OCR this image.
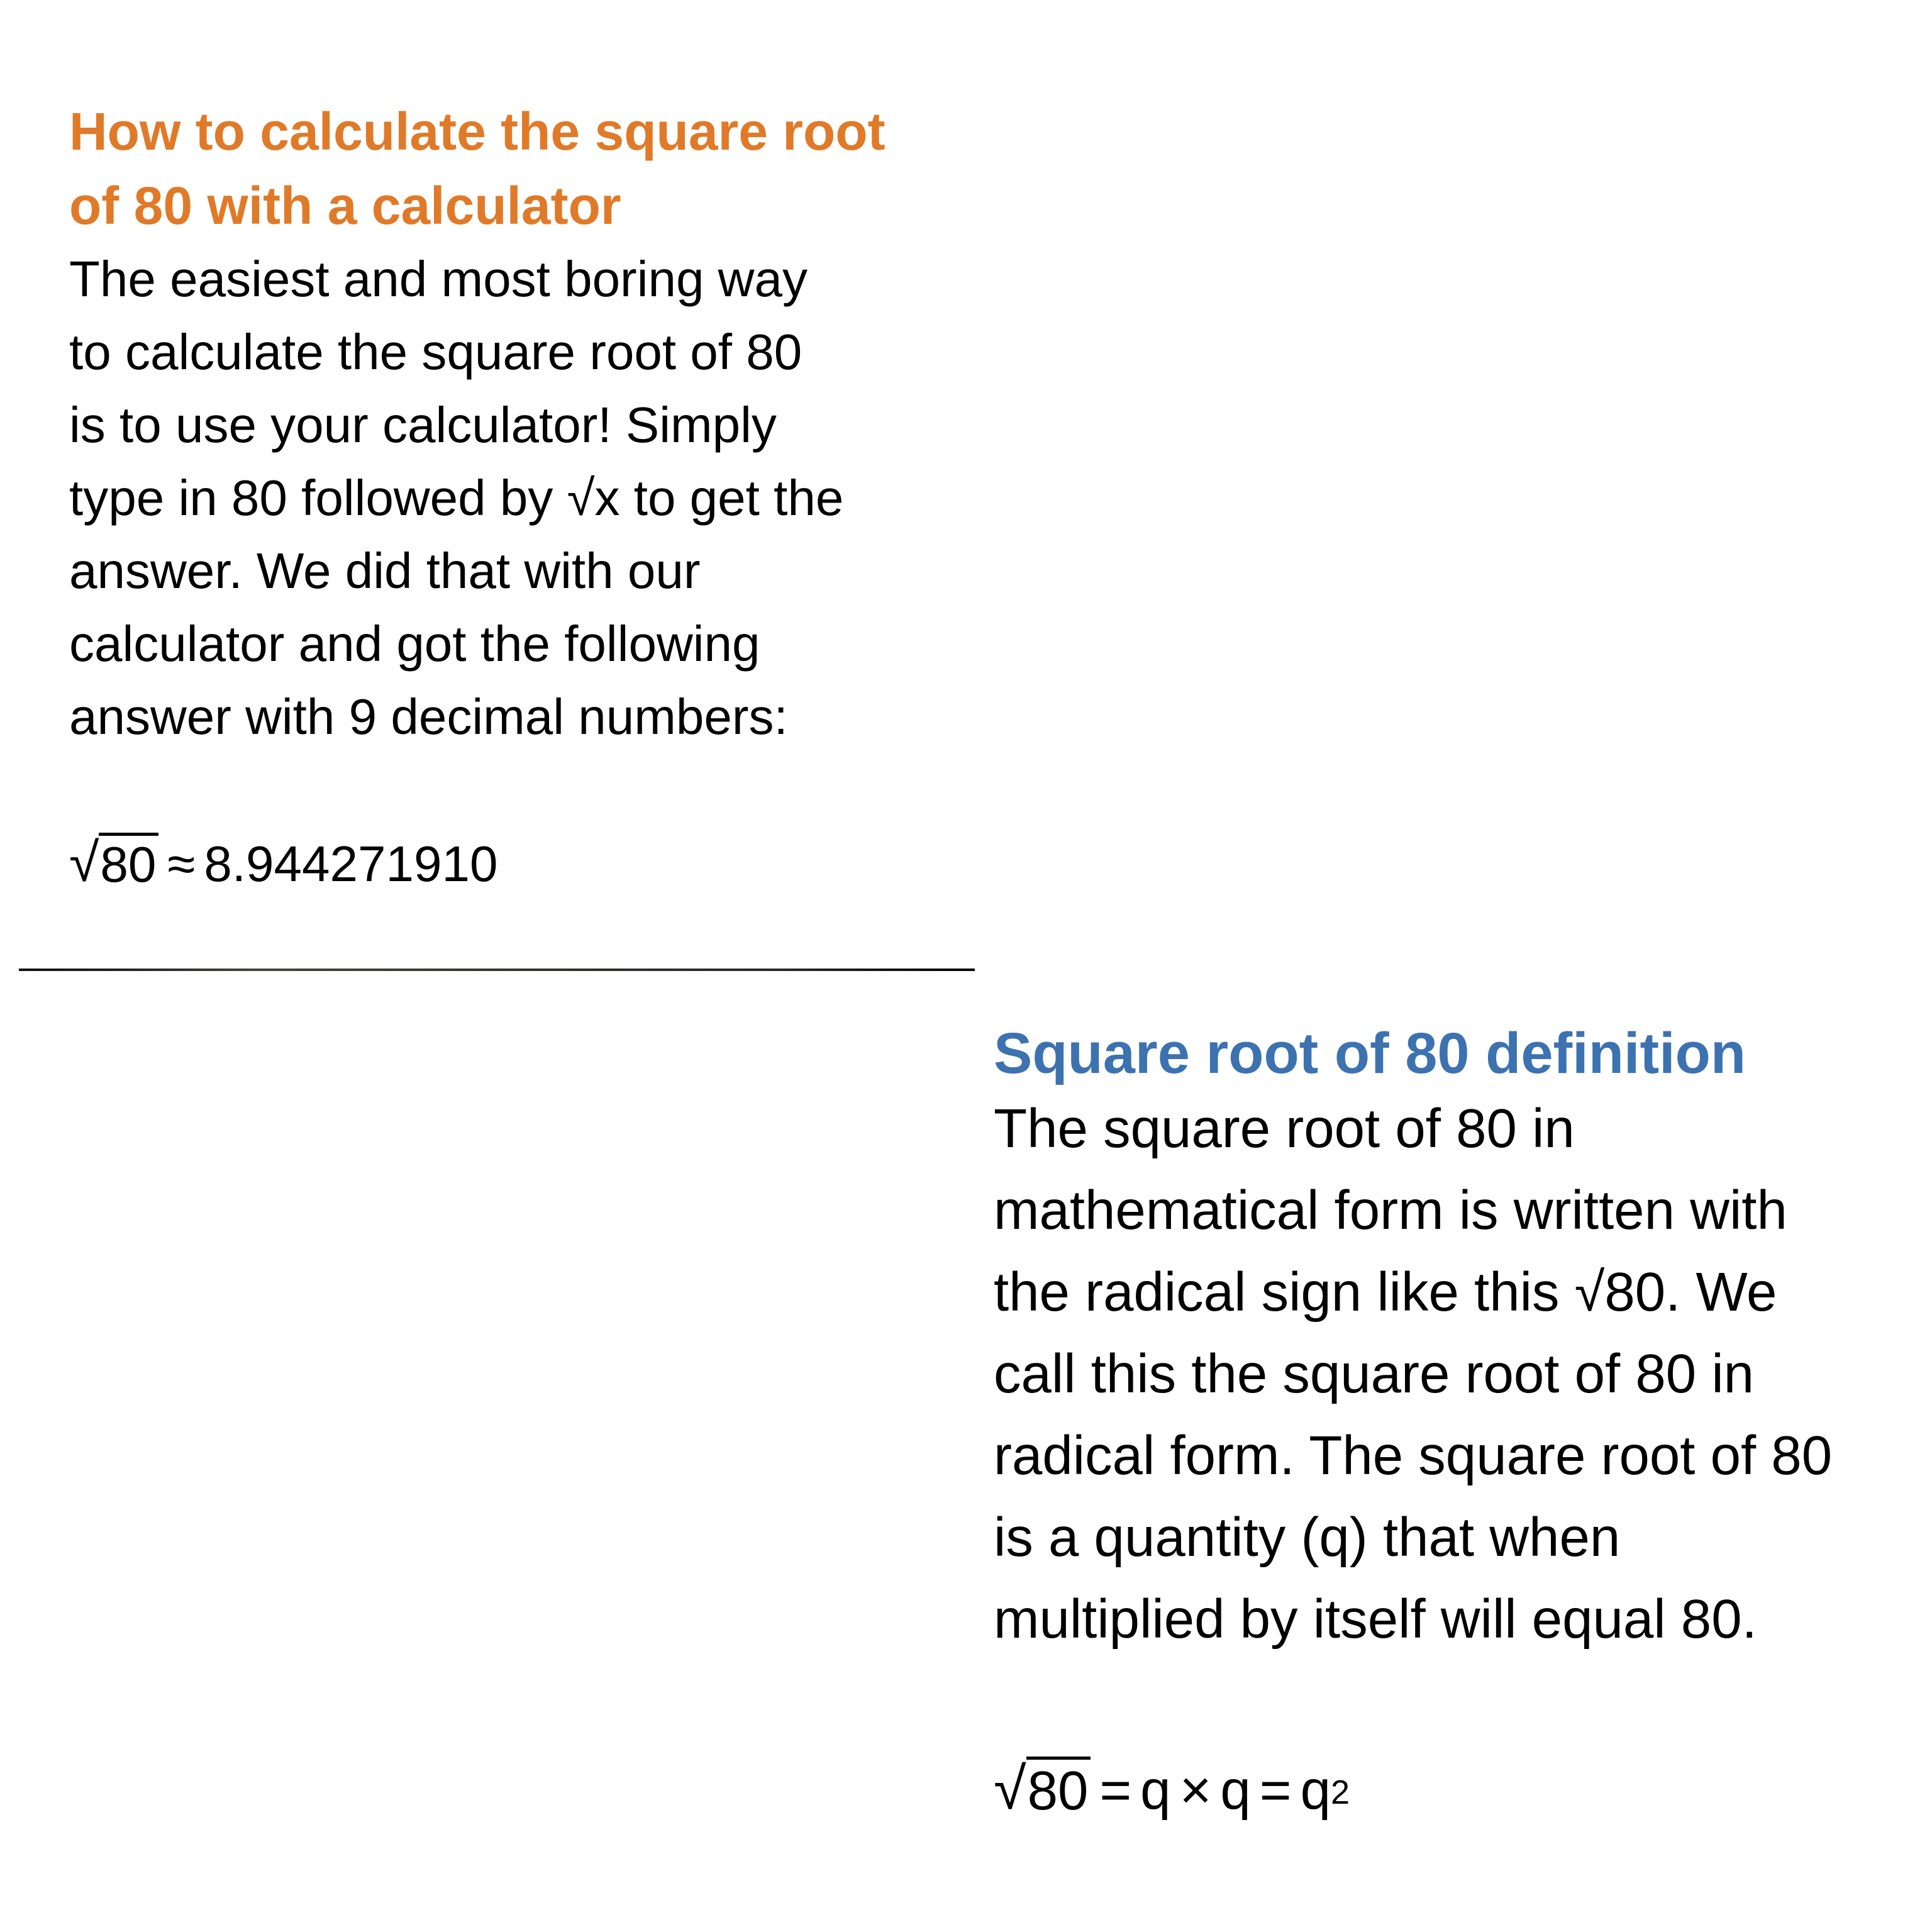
How to calculate the square root of 80 with a calculator

The easiest and most boring way
to calculate the square root of 80
is to use your calculator! Simply
type in 80 followed by √x to get the
answer. We did that with our
calculator and got the following
answer with 9 decimal numbers:

√ 80 ≈ 8.944271910
Square root of 80 definition

The square root of 80 in
mathematical form is written with
the radical sign like this √80. We
call this the square root of 80 in
radical form. The square root of 80
is a quantity (q) that when
multiplied by itself will equal 80.

√ $80 = q \times q = q^2$
